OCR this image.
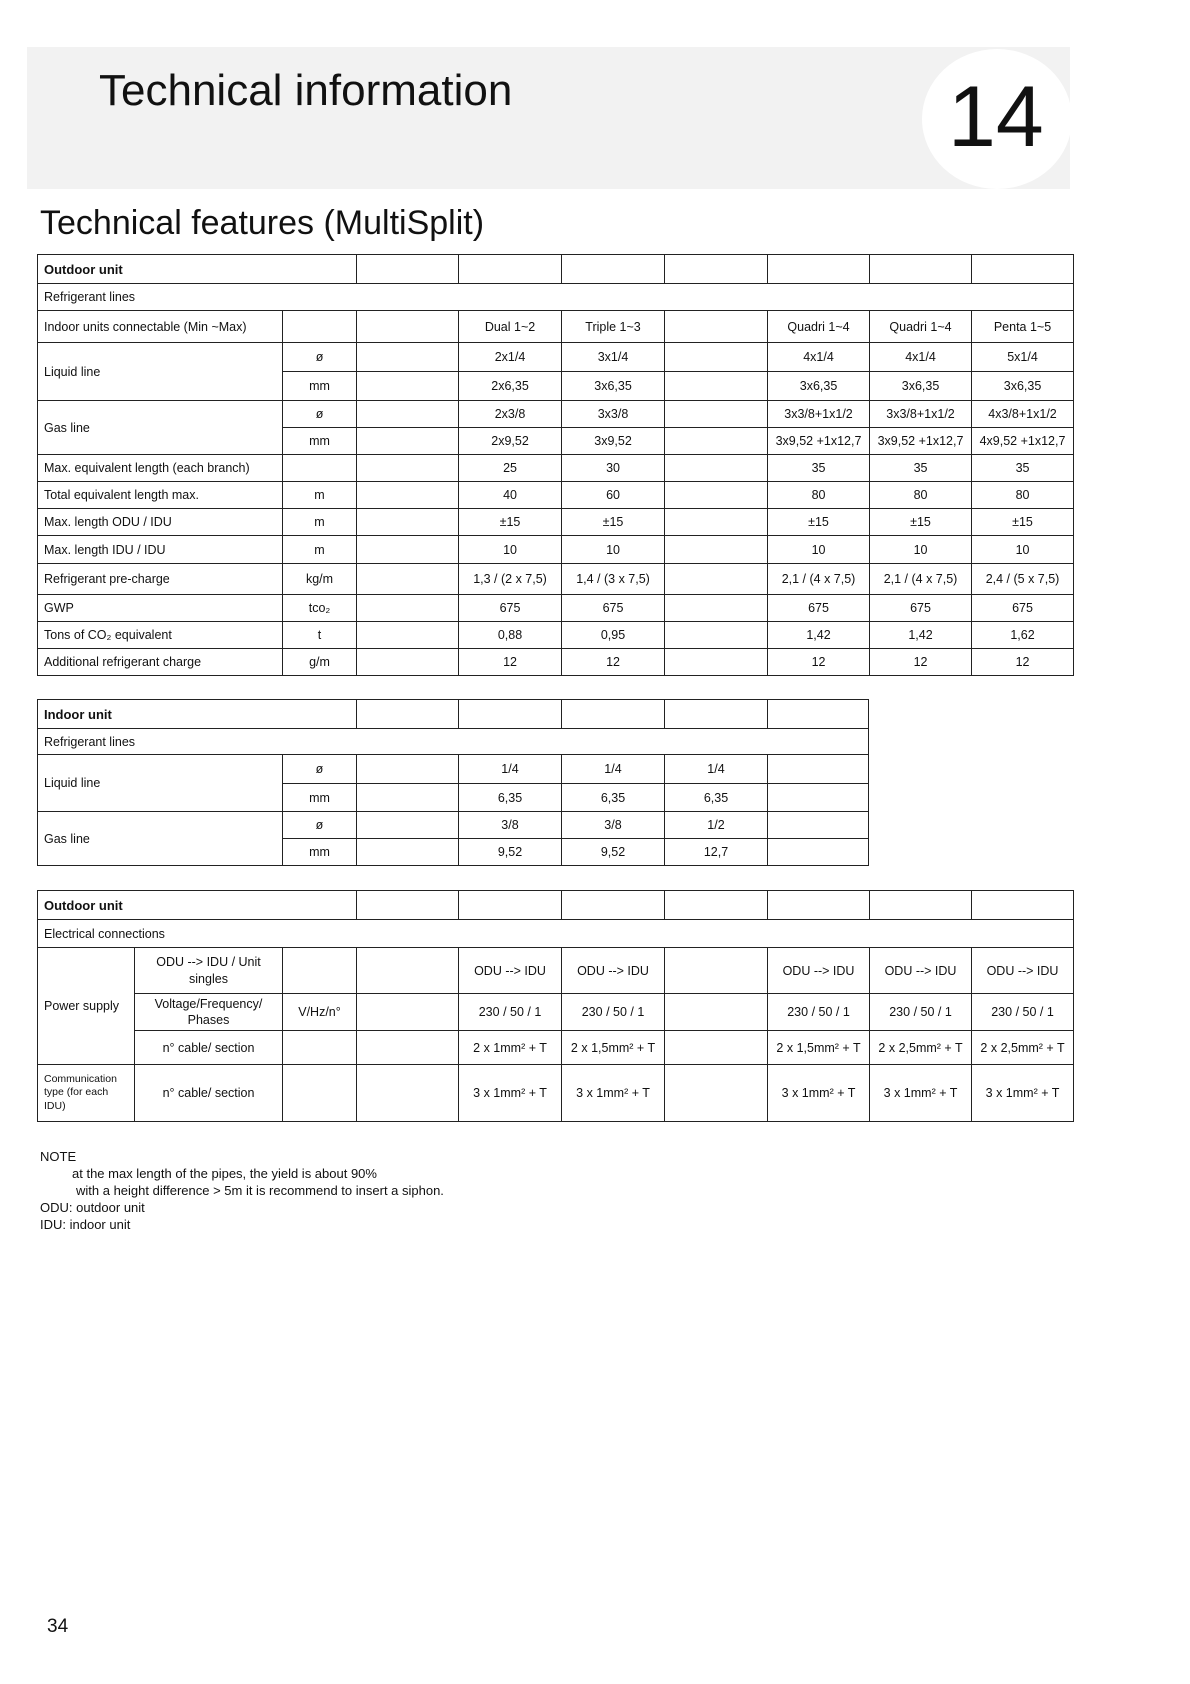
Technical information	14
Technical features (MultiSplit)
Outdoor unit								
Refrigerant lines								
Indoor units connectable (Min ~Max)			Dual 1~2	Triple 1~3		Quadri 1~4	Quadri 1~4	Penta 1~5
Liquid line	ø		2x1/4	3x1/4		4x1/4	4x1/4	5x1/4
	mm		2x6,35	3x6,35		3x6,35	3x6,35	3x6,35
Gas line	ø		2x3/8	3x3/8		3x3/8+1x1/2	3x3/8+1x1/2	4x3/8+1x1/2
	mm		2x9,52	3x9,52		3x9,52 +1x12,7	3x9,52 +1x12,7	4x9,52 +1x12,7
Max. equivalent length (each branch)			25	30		35	35	35
Total equivalent length max.	m		40	60		80	80	80
Max. length ODU / IDU	m		±15	±15		±15	±15	±15
Max. length IDU / IDU	m		10	10		10	10	10
Refrigerant pre-charge	kg/m		1,3 / (2 x 7,5)	1,4 / (3 x 7,5)		2,1 / (4 x 7,5)	2,1 / (4 x 7,5)	2,4 / (5 x 7,5)
GWP	tco₂		675	675		675	675	675
Tons of CO₂ equivalent	t		0,88	0,95		1,42	1,42	1,62
Additional refrigerant charge	g/m		12	12		12	12	12
Indoor unit						
Refrigerant lines						
Liquid line	ø		1/4	1/4	1/4	
	mm		6,35	6,35	6,35	
Gas line	ø		3/8	3/8	1/2	
	mm		9,52	9,52	12,7	
Outdoor unit									
Electrical connections									
Power supply	ODU --> IDU / Unit singles			ODU --> IDU	ODU --> IDU		ODU --> IDU	ODU --> IDU	ODU --> IDU
	Voltage/Frequency/ Phases	V/Hz/n°		230 / 50 / 1	230 / 50 / 1		230 / 50 / 1	230 / 50 / 1	230 / 50 / 1
	n° cable/ section			2 x 1mm² + T	2 x 1,5mm² + T		2 x 1,5mm² + T	2 x 2,5mm² + T	2 x 2,5mm² + T

Communication
type (for each IDU)	n° cable/ section			3 x 1mm² + T	3 x 1mm² + T		3 x 1mm² + T	3 x 1mm² + T	3 x 1mm² + T
NOTE
at the max length of the pipes, the yield is about 90%
with a height difference > 5m it is recommend to insert a siphon.
ODU: outdoor unit
IDU: indoor unit
34
